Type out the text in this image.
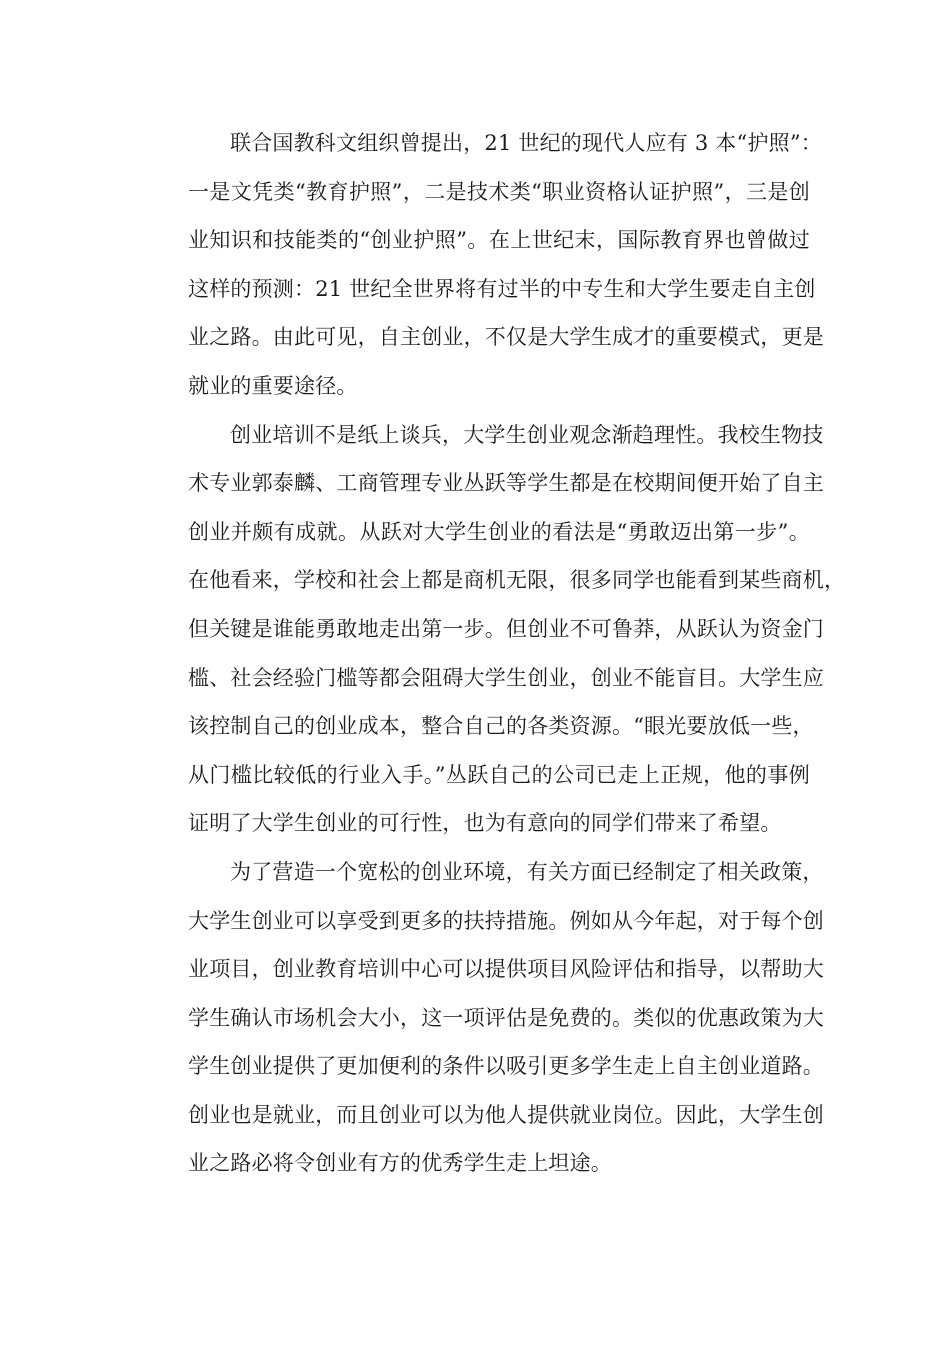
联合国教科文组织曾提出，21 世纪的现代人应有 3 本“护照”：
一是文凭类“教育护照”，二是技术类“职业资格认证护照”，三是创
业知识和技能类的“创业护照”。在上世纪末，国际教育界也曾做过
这样的预测：21 世纪全世界将有过半的中专生和大学生要走自主创
业之路。由此可见，自主创业，不仅是大学生成才的重要模式，更是
就业的重要途径。
创业培训不是纸上谈兵，大学生创业观念渐趋理性。我校生物技
术专业郭泰麟、工商管理专业丛跃等学生都是在校期间便开始了自主
创业并颇有成就。从跃对大学生创业的看法是“勇敢迈出第一步”。
在他看来，学校和社会上都是商机无限，很多同学也能看到某些商机，
但关键是谁能勇敢地走出第一步。但创业不可鲁莽，从跃认为资金门
槛、社会经验门槛等都会阻碍大学生创业，创业不能盲目。大学生应
该控制自己的创业成本，整合自己的各类资源。“眼光要放低一些，
从门槛比较低的行业入手。”丛跃自己的公司已走上正规，他的事例
证明了大学生创业的可行性，也为有意向的同学们带来了希望。
为了营造一个宽松的创业环境，有关方面已经制定了相关政策，
大学生创业可以享受到更多的扶持措施。例如从今年起，对于每个创
业项目，创业教育培训中心可以提供项目风险评估和指导，以帮助大
学生确认市场机会大小，这一项评估是免费的。类似的优惠政策为大
学生创业提供了更加便利的条件以吸引更多学生走上自主创业道路。
创业也是就业，而且创业可以为他人提供就业岗位。因此，大学生创
业之路必将令创业有方的优秀学生走上坦途。
